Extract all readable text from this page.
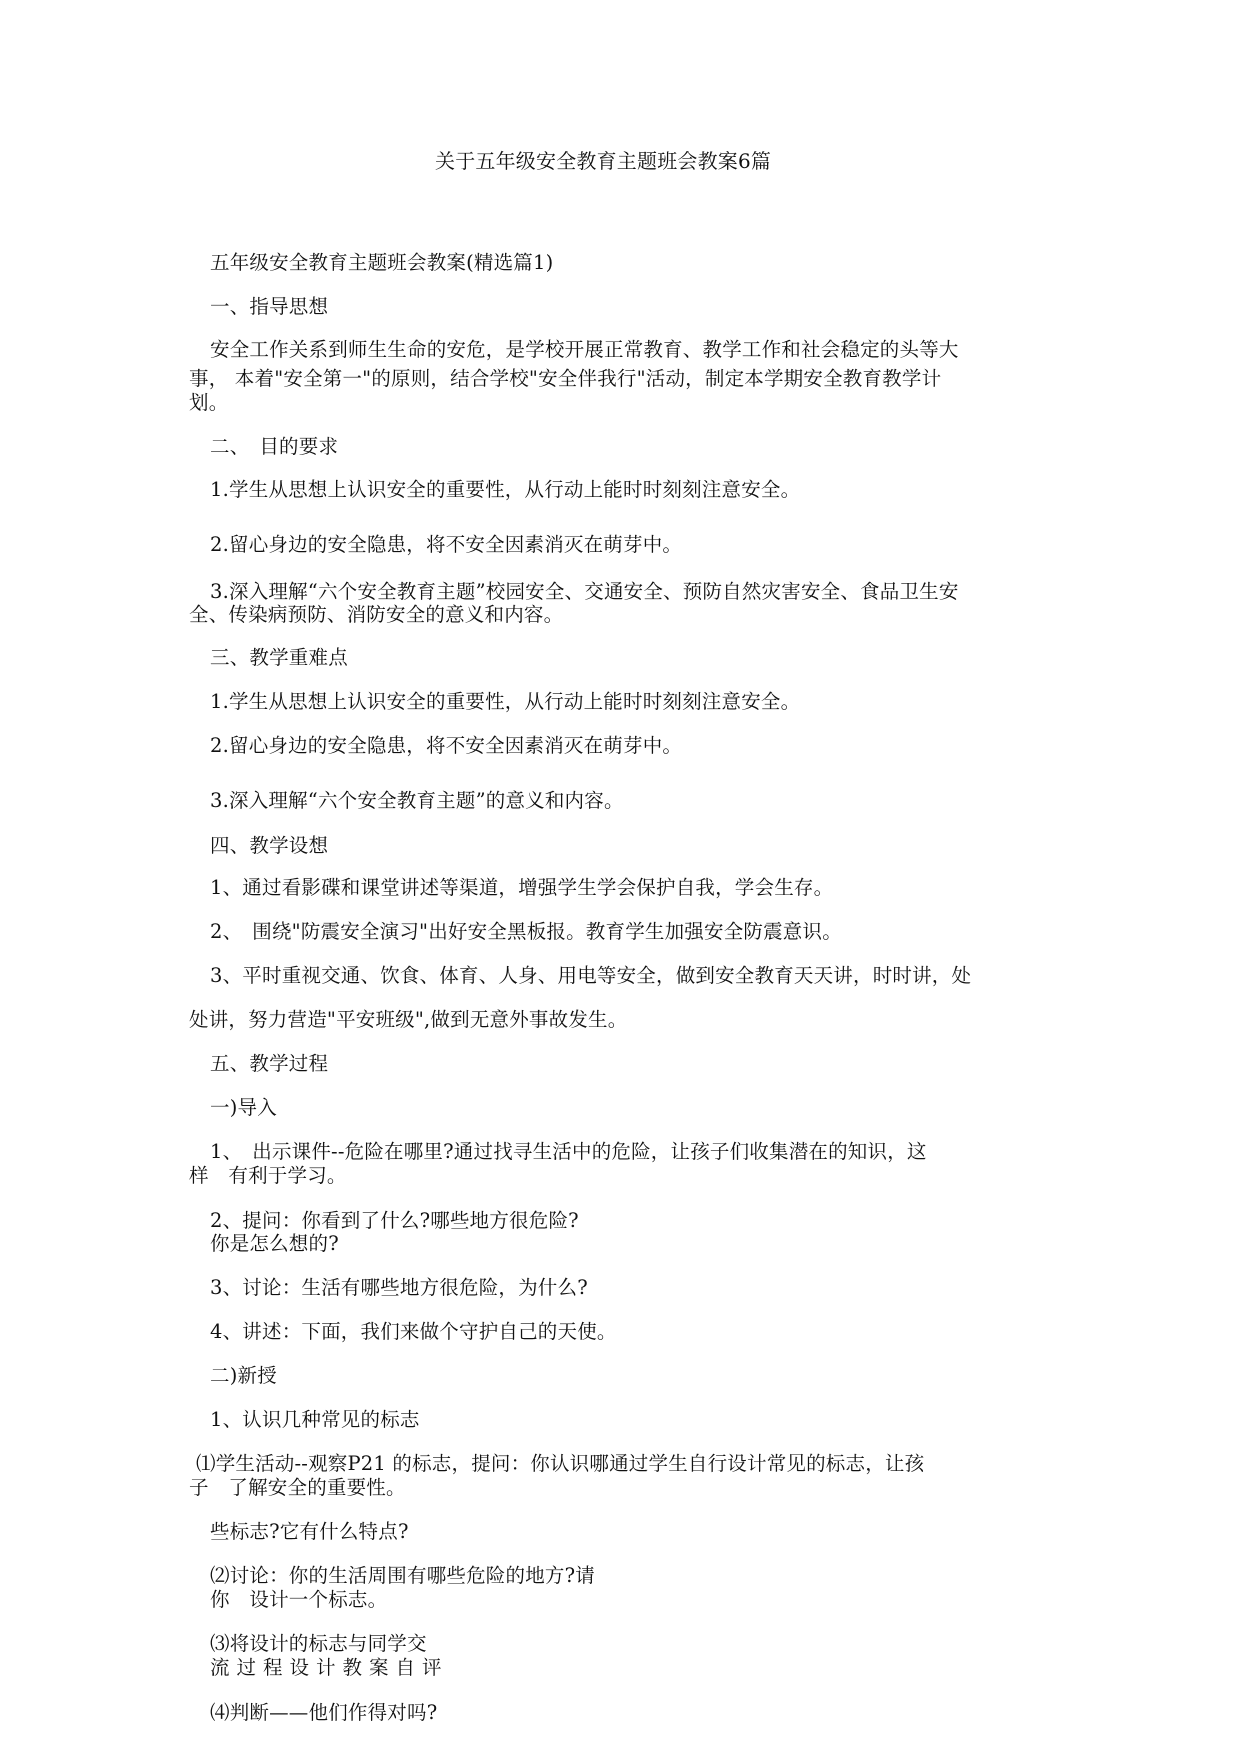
关于五年级安全教育主题班会教案6篇
五年级安全教育主题班会教案(精选篇1)
一、指导思想
安全工作关系到师生生命的安危，是学校开展正常教育、教学工作和社会稳定的头等大
事， 本着"安全第一"的原则，结合学校"安全伴我行"活动，制定本学期安全教育教学计
划。
二、　目的要求
1.学生从思想上认识安全的重要性，从行动上能时时刻刻注意安全。
2.留心身边的安全隐患，将不安全因素消灭在萌芽中。
3.深入理解“六个安全教育主题”校园安全、交通安全、预防自然灾害安全、食品卫生安
全、传染病预防、消防安全的意义和内容。
三、教学重难点
1.学生从思想上认识安全的重要性，从行动上能时时刻刻注意安全。
2.留心身边的安全隐患，将不安全因素消灭在萌芽中。
3.深入理解“六个安全教育主题”的意义和内容。
四、教学设想
1、通过看影碟和课堂讲述等渠道，增强学生学会保护自我，学会生存。
2、　围绕"防震安全演习"出好安全黑板报。教育学生加强安全防震意识。
3、平时重视交通、饮食、体育、人身、用电等安全，做到安全教育天天讲，时时讲，处
处讲，努力营造"平安班级",做到无意外事故发生。
五、教学过程
一)导入
1、　出示课件--危险在哪里?通过找寻生活中的危险，让孩子们收集潜在的知识，这
样　有利于学习。
2、提问：你看到了什么?哪些地方很危险?
你是怎么想的?
3、讨论：生活有哪些地方很危险，为什么?
4、讲述：下面，我们来做个守护自己的天使。
二)新授
1、认识几种常见的标志
⑴学生活动--观察P21 的标志，提问：你认识哪通过学生自行设计常见的标志，让孩
子　了解安全的重要性。
些标志?它有什么特点?
⑵讨论：你的生活周围有哪些危险的地方?请
你　设计一个标志。
⑶将设计的标志与同学交
流过程设计教案自评
⑷判断——他们作得对吗?
